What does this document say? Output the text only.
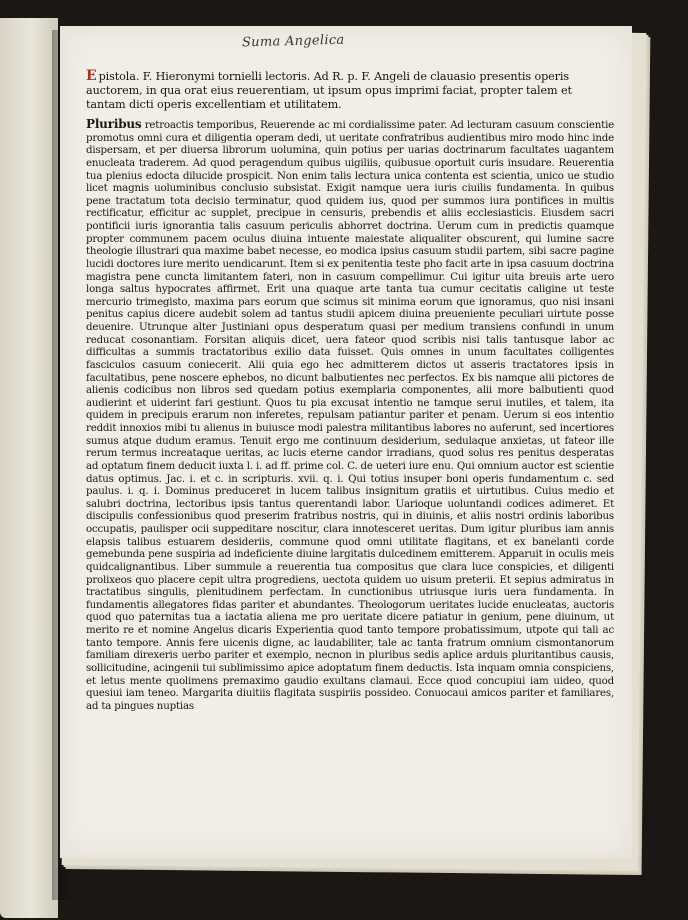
Suma Angelica
E pistola. F. Hieronymi tornielli lectoris. Ad R. p. F. Angeli de clauasio presentis operis auctorem, in qua orat eius reuerentiam, ut ipsum opus imprimi faciat, propter talem et tantam dicti operis excellentiam et utilitatem.
Pluribus retroactis temporibus, Reuerende ac mi cordialissime pater. Ad lecturam casuum conscientie promotus omni cura et diligentia operam dedi, ut ueritate confratribus audientibus miro modo hinc inde dispersam, et per diuersa librorum uolumina, quin potius per uarias doctrinarum facultates uagantem enucleata traderem. Ad quod peragendum quibus uigiliis, quibusue oportuit curis insudare. Reuerentia tua plenius edocta dilucide prospicit. Non enim talis lectura unica contenta est scientia, unico ue studio licet magnis uoluminibus conclusio subsistat. Exigit namque uera iuris ciuilis fundamenta. In quibus pene tractatum tota decisio terminatur, quod quidem ius, quod per summos iura pontifices in multis rectificatur, efficitur ac supplet, precipue in censuris, prebendis et aliis ecclesiasticis. Eiusdem sacri pontificii iuris ignorantia talis casuum periculis abhorret doctrina. Uerum cum in predictis quamque propter communem pacem oculus diuina intuente maiestate aliqualiter obscurent, qui lumine sacre theologie illustrari qua maxime babet necesse, eo modica ipsius casuum studii partem, sibi sacre pagine lucidi doctores iure merito uendicarunt. Item si ex penitentia teste pho facit arte in ipsa casuum doctrina magistra pene cuncta limitantem fateri, non in casuum compellimur. Cui igitur uita breuis arte uero longa saltus hypocrates affirmet. Erit una quaque arte tanta tua cumur cecitatis caligine ut teste mercurio trimegisto, maxima pars eorum que scimus sit minima eorum que ignoramus, quo nisi insani penitus capius dicere audebit solem ad tantus studii apicem diuina preueniente peculiari uirtute posse deuenire. Utrunque alter Justiniani opus desperatum quasi per medium transiens confundi in unum reducat cosonantiam. Forsitan aliquis dicet, uera fateor quod scribis nisi talis tantusque labor ac difficultas a summis tractatoribus exilio data fuisset. Quis omnes in unum facultates colligentes fasciculos casuum coniecerit. Alii quia ego hec admitterem dictos ut asseris tractatores ipsis in facultatibus, pene noscere ephebos, no dicunt balbutientes nec perfectos. Ex bis namque alii pictores de alienis codicibus non libros sed quedam potius exemplaria componentes, alii more balbutienti quod audierint et uiderint fari gestiunt. Quos tu pia excusat intentio ne tamque serui inutiles, et talem, ita quidem in precipuis erarum non inferetes, repulsam patiantur pariter et penam. Uerum si eos intentio reddit innoxios mibi tu alienus in buiusce modi palestra militantibus labores no auferunt, sed incertiores sumus atque dudum eramus. Tenuit ergo me continuum desiderium, sedulaque anxietas, ut fateor ille rerum termus increataque ueritas, ac lucis eterne candor irradians, quod solus res penitus desperatas ad optatum finem deducit iuxta l. i. ad ff. prime col. C. de ueteri iure enu. Qui omnium auctor est scientie datus optimus. Jac. i. et c. in scripturis. xvii. q. i. Qui totius insuper boni operis fundamentum c. sed paulus. i. q. i. Dominus preduceret in lucem talibus insignitum gratiis et uirtutibus. Cuius medio et salubri doctrina, lectoribus ipsis tantus querentandi labor. Uarioque uoluntandi codices adimeret. Et discipulis confessionibus quod preserim fratribus nostris, qui in diuinis, et aliis nostri ordinis laboribus occupatis, paulisper ocii suppeditare noscitur, clara innotesceret ueritas. Dum igitur pluribus iam annis elapsis talibus estuarem desideriis, commune quod omni utilitate flagitans, et ex banelanti corde gemebunda pene suspiria ad indeficiente diuine largitatis dulcedinem emitterem. Apparuit in oculis meis quidcalignantibus. Liber summule a reuerentia tua compositus que clara luce conspicies, et diligenti prolixeos quo placere cepit ultra progrediens, uectota quidem uo uisum preterii. Et sepius admiratus in tractatibus singulis, plenitudinem perfectam. In cunctionibus utriusque iuris uera fundamenta. In fundamentis allegatores fidas pariter et abundantes. Theologorum ueritates lucide enucleatas, auctoris quod quo paternitas tua a iactatia aliena me pro ueritate dicere patiatur in genium, pene diuinum, ut merito re et nomine Angelus dicaris Experientia quod tanto tempore probatissimum, utpote qui tali ac tanto tempore. Annis fere uicenis digne, ac laudabiliter, tale ac tanta fratrum omnium cismontanorum familiam direxeris uerbo pariter et exemplo, necnon in pluribus sedis aplice arduis pluritantibus causis, sollicitudine, acingenii tui sublimissimo apice adoptatum finem deductis. Ista inquam omnia conspiciens, et letus mente quolimens premaximo gaudio exultans clamaui. Ecce quod concupiui iam uideo, quod quesiui iam teneo. Margarita diuitiis flagitata suspiriis possideo. Conuocaui amicos pariter et familiares, ad ta pingues nuptias
